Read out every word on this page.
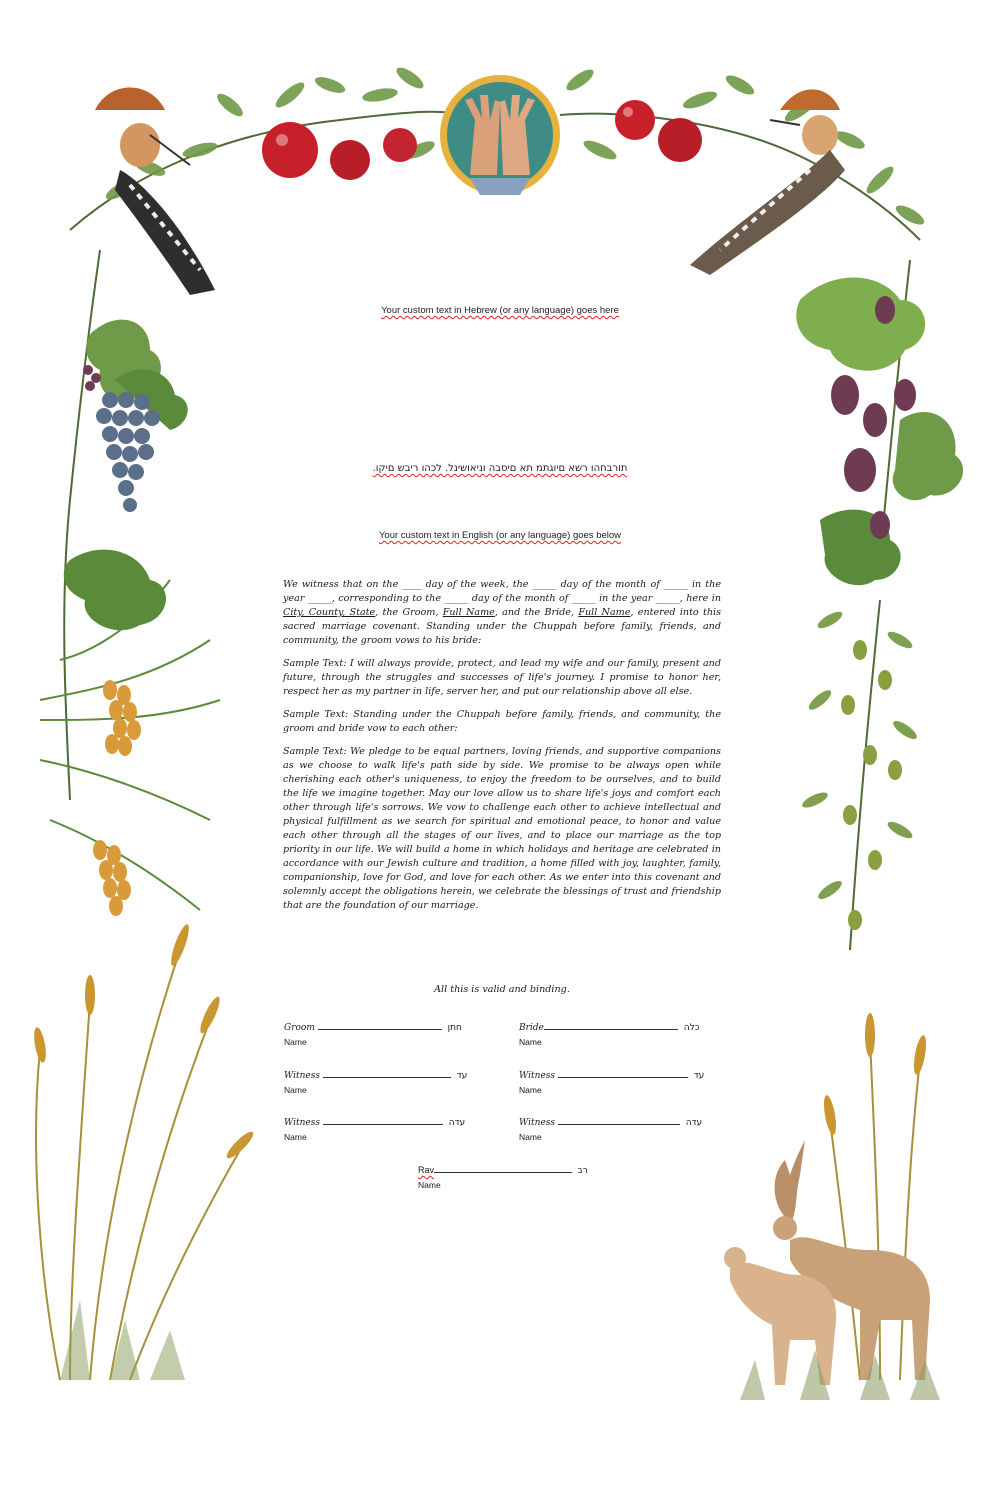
Your custom text in Hebrew (or any language) goes here
תורבחהו רשא םיוגתמ תא םיסבה וניאושינל. לכהו ריבש םיקו.
Your custom text in English (or any language) goes below

We witness that on the ____ day of the week, the _____ day of the month of _____ in the year _____, corresponding to the _____ day of the month of _____ in the year _____, here in City, County, State, the Groom, Full Name, and the Bride, Full Name, entered into this sacred marriage covenant. Standing under the Chuppah before family, friends, and community, the groom vows to his bride:

Sample Text: I will always provide, protect, and lead my wife and our family, present and future, through the struggles and successes of life's journey. I promise to honor her, respect her as my partner in life, server her, and put our relationship above all else.

Sample Text: Standing under the Chuppah before family, friends, and community, the groom and bride vow to each other:

Sample Text: We pledge to be equal partners, loving friends, and supportive companions as we choose to walk life's path side by side. We promise to be always open while cherishing each other's uniqueness, to enjoy the freedom to be ourselves, and to build the life we imagine together. May our love allow us to share life's joys and comfort each other through life's sorrows. We vow to challenge each other to achieve intellectual and physical fulfillment as we search for spiritual and emotional peace, to honor and value each other through all the stages of our lives, and to place our marriage as the top priority in our life. We will build a home in which holidays and heritage are celebrated in accordance with our Jewish culture and tradition, a home filled with joy, laughter, family, companionship, love for God, and love for each other. As we enter into this covenant and solemnly accept the obligations herein, we celebrate the blessings of trust and friendship that are the foundation of our marriage.

All this is valid and binding.
Groom	חתן
Name
Bride	כלה
Name
Witness	עד
Name
Witness	עד
Name
Witness	עדה
Name
Witness	עדה
Name
Rav	רב
Name
